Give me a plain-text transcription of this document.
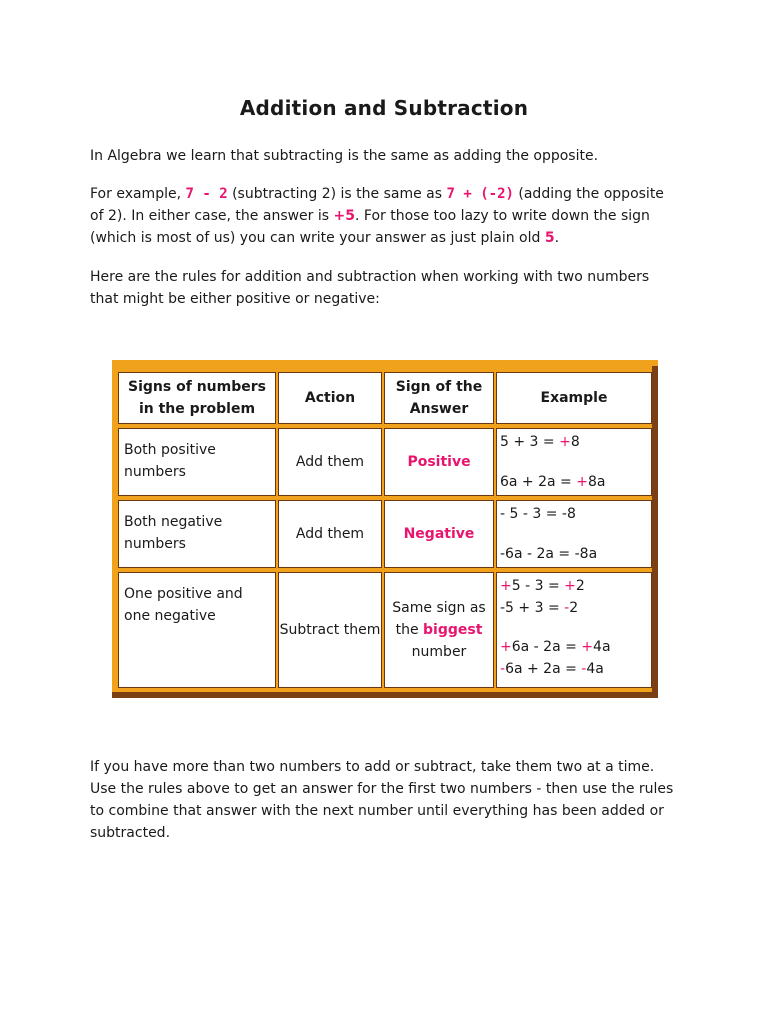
Addition and Subtraction
In Algebra we learn that subtracting is the same as adding the opposite.
For example, 7 - 2 (subtracting 2) is the same as 7 + (-2) (adding the opposite of 2). In either case, the answer is +5. For those too lazy to write down the sign (which is most of us) you can write your answer as just plain old 5.
Here are the rules for addition and subtraction when working with two numbers that might be either positive or negative:
Signs of numbers in the problem
Action
Sign of the Answer
Example
Both positive numbers
Add them	Positive
5 + 3 = +8
6a + 2a = +8a
Both negative numbers
Add them	Negative
- 5 - 3 = -8
-6a - 2a = -8a
One positive and one negative
Subtract them
Same sign as the biggest number
+5 - 3 = +2
-5 + 3 = -2
+6a - 2a = +4a
-6a + 2a = -4a
If you have more than two numbers to add or subtract, take them two at a time. Use the rules above to get an answer for the first two numbers - then use the rules to combine that answer with the next number until everything has been added or subtracted.
